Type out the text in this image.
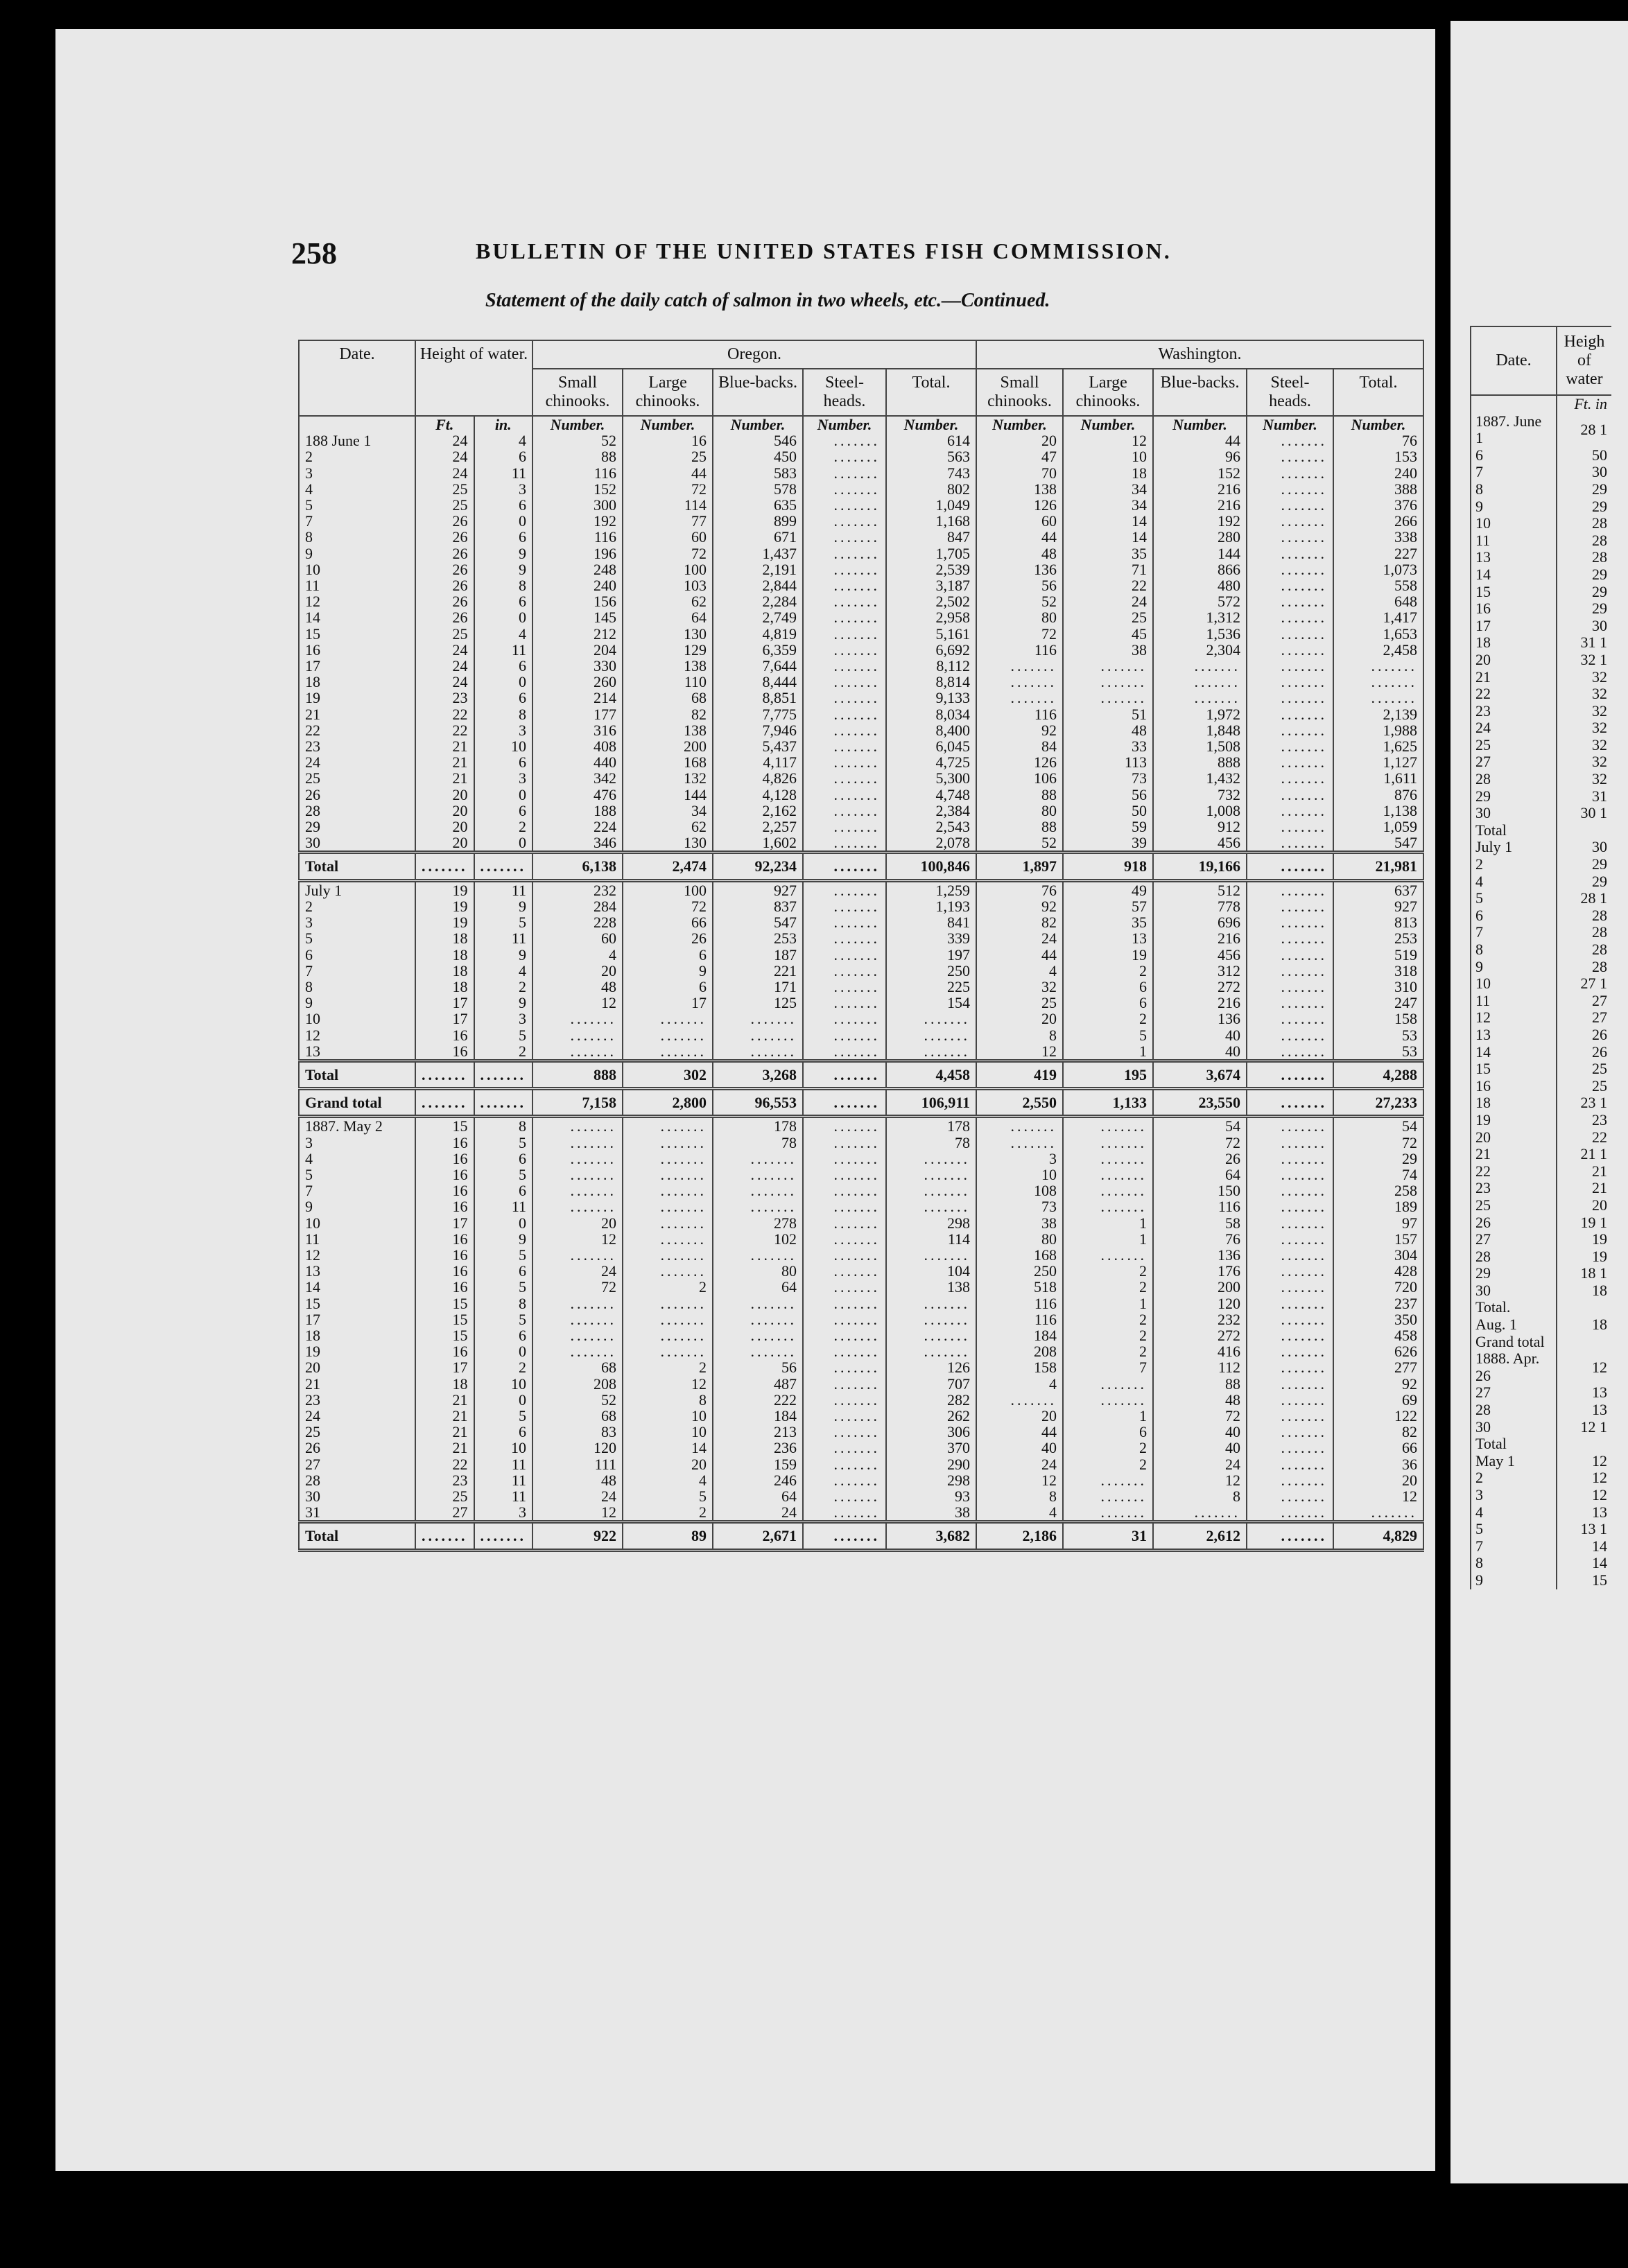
258	BULLETIN OF THE UNITED STATES FISH COMMISSION.
Statement of the daily catch of salmon in two wheels, etc.—Continued.
Date.	Height of water.		Oregon.					Washington.				
			Small chinooks.	Large chinooks.	Blue-backs.	Steel-heads.	Total.	Small chinooks.	Large chinooks.	Blue-backs.	Steel-heads.	Total.
	Ft.	in.	Number.	Number.	Number.	Number.	Number.	Number.	Number.	Number.	Number.	Number.
188 June 1	24	4	52	16	546	.......	614	20	12	44	.......	76
2	24	6	88	25	450	.......	563	47	10	96	.......	153
3	24	11	116	44	583	.......	743	70	18	152	.......	240
4	25	3	152	72	578	.......	802	138	34	216	.......	388
5	25	6	300	114	635	.......	1,049	126	34	216	.......	376
7	26	0	192	77	899	.......	1,168	60	14	192	.......	266
8	26	6	116	60	671	.......	847	44	14	280	.......	338
9	26	9	196	72	1,437	.......	1,705	48	35	144	.......	227
10	26	9	248	100	2,191	.......	2,539	136	71	866	.......	1,073
11	26	8	240	103	2,844	.......	3,187	56	22	480	.......	558
12	26	6	156	62	2,284	.......	2,502	52	24	572	.......	648
14	26	0	145	64	2,749	.......	2,958	80	25	1,312	.......	1,417
15	25	4	212	130	4,819	.......	5,161	72	45	1,536	.......	1,653
16	24	11	204	129	6,359	.......	6,692	116	38	2,304	.......	2,458
17	24	6	330	138	7,644	.......	8,112	.......	.......	.......	.......	.......
18	24	0	260	110	8,444	.......	8,814	.......	.......	.......	.......	.......
19	23	6	214	68	8,851	.......	9,133	.......	.......	.......	.......	.......
21	22	8	177	82	7,775	.......	8,034	116	51	1,972	.......	2,139
22	22	3	316	138	7,946	.......	8,400	92	48	1,848	.......	1,988
23	21	10	408	200	5,437	.......	6,045	84	33	1,508	.......	1,625
24	21	6	440	168	4,117	.......	4,725	126	113	888	.......	1,127
25	21	3	342	132	4,826	.......	5,300	106	73	1,432	.......	1,611
26	20	0	476	144	4,128	.......	4,748	88	56	732	.......	876
28	20	6	188	34	2,162	.......	2,384	80	50	1,008	.......	1,138
29	20	2	224	62	2,257	.......	2,543	88	59	912	.......	1,059
30	20	0	346	130	1,602	.......	2,078	52	39	456	.......	547
Total	.......	.......	6,138	2,474	92,234	.......	100,846	1,897	918	19,166	.......	21,981
July 1	19	11	232	100	927	.......	1,259	76	49	512	.......	637
2	19	9	284	72	837	.......	1,193	92	57	778	.......	927
3	19	5	228	66	547	.......	841	82	35	696	.......	813
5	18	11	60	26	253	.......	339	24	13	216	.......	253
6	18	9	4	6	187	.......	197	44	19	456	.......	519
7	18	4	20	9	221	.......	250	4	2	312	.......	318
8	18	2	48	6	171	.......	225	32	6	272	.......	310
9	17	9	12	17	125	.......	154	25	6	216	.......	247
10	17	3	.......	.......	.......	.......	.......	20	2	136	.......	158
12	16	5	.......	.......	.......	.......	.......	8	5	40	.......	53
13	16	2	.......	.......	.......	.......	.......	12	1	40	.......	53
Total	.......	.......	888	302	3,268	.......	4,458	419	195	3,674	.......	4,288
Grand total	.......	.......	7,158	2,800	96,553	.......	106,911	2,550	1,133	23,550	.......	27,233
1887. May 2	15	8	.......	.......	178	.......	178	.......	.......	54	.......	54
3	16	5	.......	.......	78	.......	78	.......	.......	72	.......	72
4	16	6	.......	.......	.......	.......	.......	3	.......	26	.......	29
5	16	5	.......	.......	.......	.......	.......	10	.......	64	.......	74
7	16	6	.......	.......	.......	.......	.......	108	.......	150	.......	258
9	16	11	.......	.......	.......	.......	.......	73	.......	116	.......	189
10	17	0	20	.......	278	.......	298	38	1	58	.......	97
11	16	9	12	.......	102	.......	114	80	1	76	.......	157
12	16	5	.......	.......	.......	.......	.......	168	.......	136	.......	304
13	16	6	24	.......	80	.......	104	250	2	176	.......	428
14	16	5	72	2	64	.......	138	518	2	200	.......	720
15	15	8	.......	.......	.......	.......	.......	116	1	120	.......	237
17	15	5	.......	.......	.......	.......	.......	116	2	232	.......	350
18	15	6	.......	.......	.......	.......	.......	184	2	272	.......	458
19	16	0	.......	.......	.......	.......	.......	208	2	416	.......	626
20	17	2	68	2	56	.......	126	158	7	112	.......	277
21	18	10	208	12	487	.......	707	4	.......	88	.......	92
23	21	0	52	8	222	.......	282	.......	.......	48	.......	69
24	21	5	68	10	184	.......	262	20	1	72	.......	122
25	21	6	83	10	213	.......	306	44	6	40	.......	82
26	21	10	120	14	236	.......	370	40	2	40	.......	66
27	22	11	111	20	159	.......	290	24	2	24	.......	36
28	23	11	48	4	246	.......	298	12	.......	12	.......	20
30	25	11	24	5	64	.......	93	8	.......	8	.......	12
31	27	3	12	2	24	.......	38	4	.......	.......	.......	.......
Total	.......	.......	922	89	2,671	.......	3,682	2,186	31	2,612	.......	4,829
Date.	Heigh of water
	Ft. in
1887. June 1	28 1
6	50
7	30
8	29
9	29
10	28
11	28
13	28
14	29
15	29
16	29
17	30
18	31 1
20	32 1
21	32
22	32
23	32
24	32
25	32
27	32
28	32
29	31
30	30 1
Total	
July 1	30
2	29
4	29
5	28 1
6	28
7	28
8	28
9	28
10	27 1
11	27
12	27
13	26
14	26
15	25
16	25
18	23 1
19	23
20	22
21	21 1
22	21
23	21
25	20
26	19 1
27	19
28	19
29	18 1
30	18
Total.	
Aug. 1	18
Grand total	
1888. Apr. 26	12
27	13
28	13
30	12 1
Total	
May 1	12
2	12
3	12
4	13
5	13 1
7	14
8	14
9	15
